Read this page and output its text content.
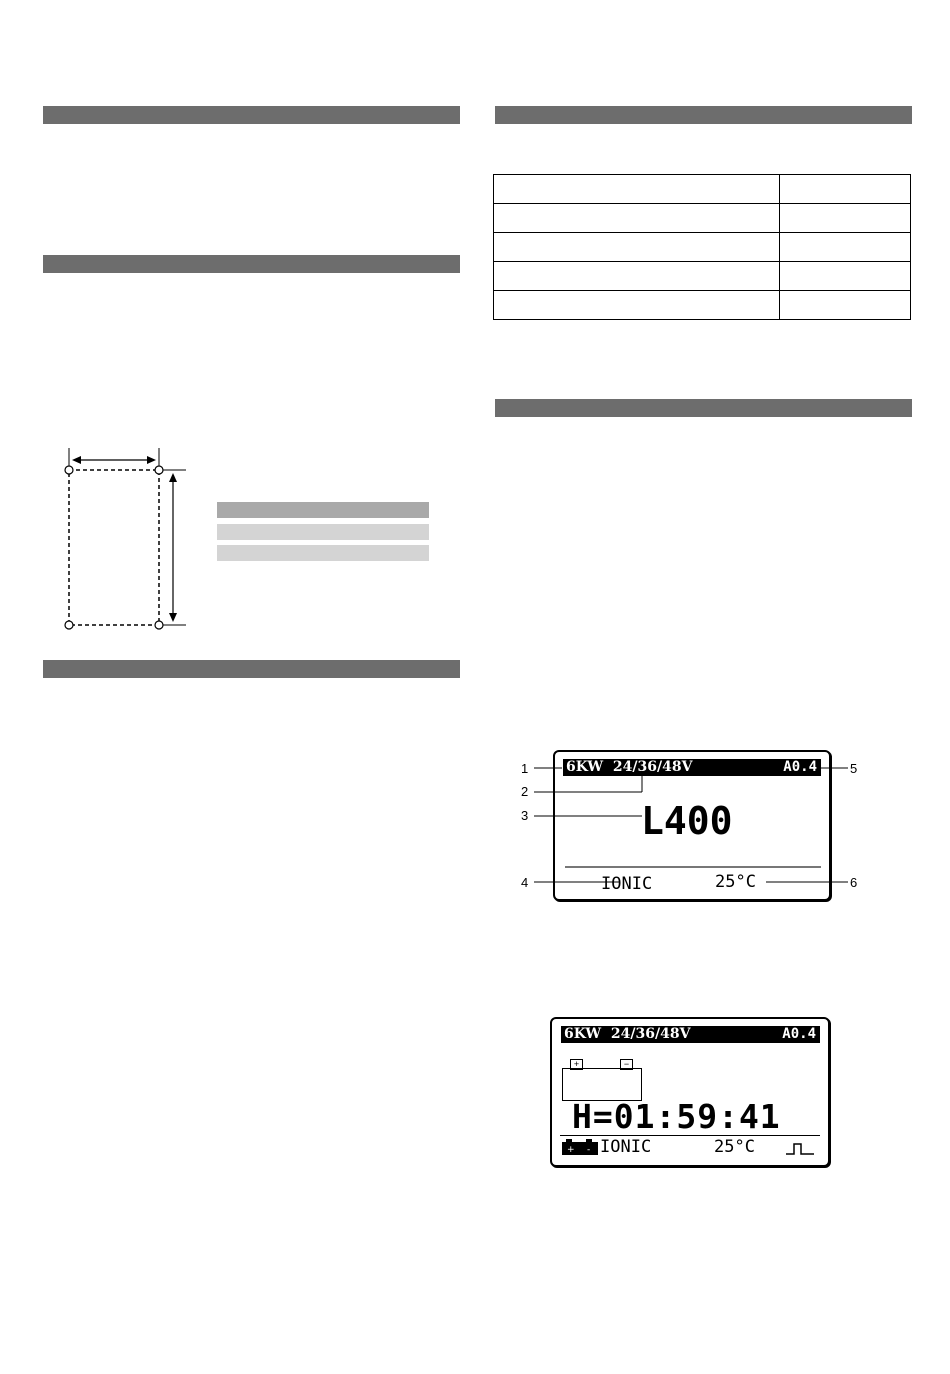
6KW 24/36/48V	A0.4
L400
IONIC	25°C
1
2
3
4
5
6
6KW 24/36/48V	A0.4
+	−
H=01:59:41
+ - IONIC	25°C
